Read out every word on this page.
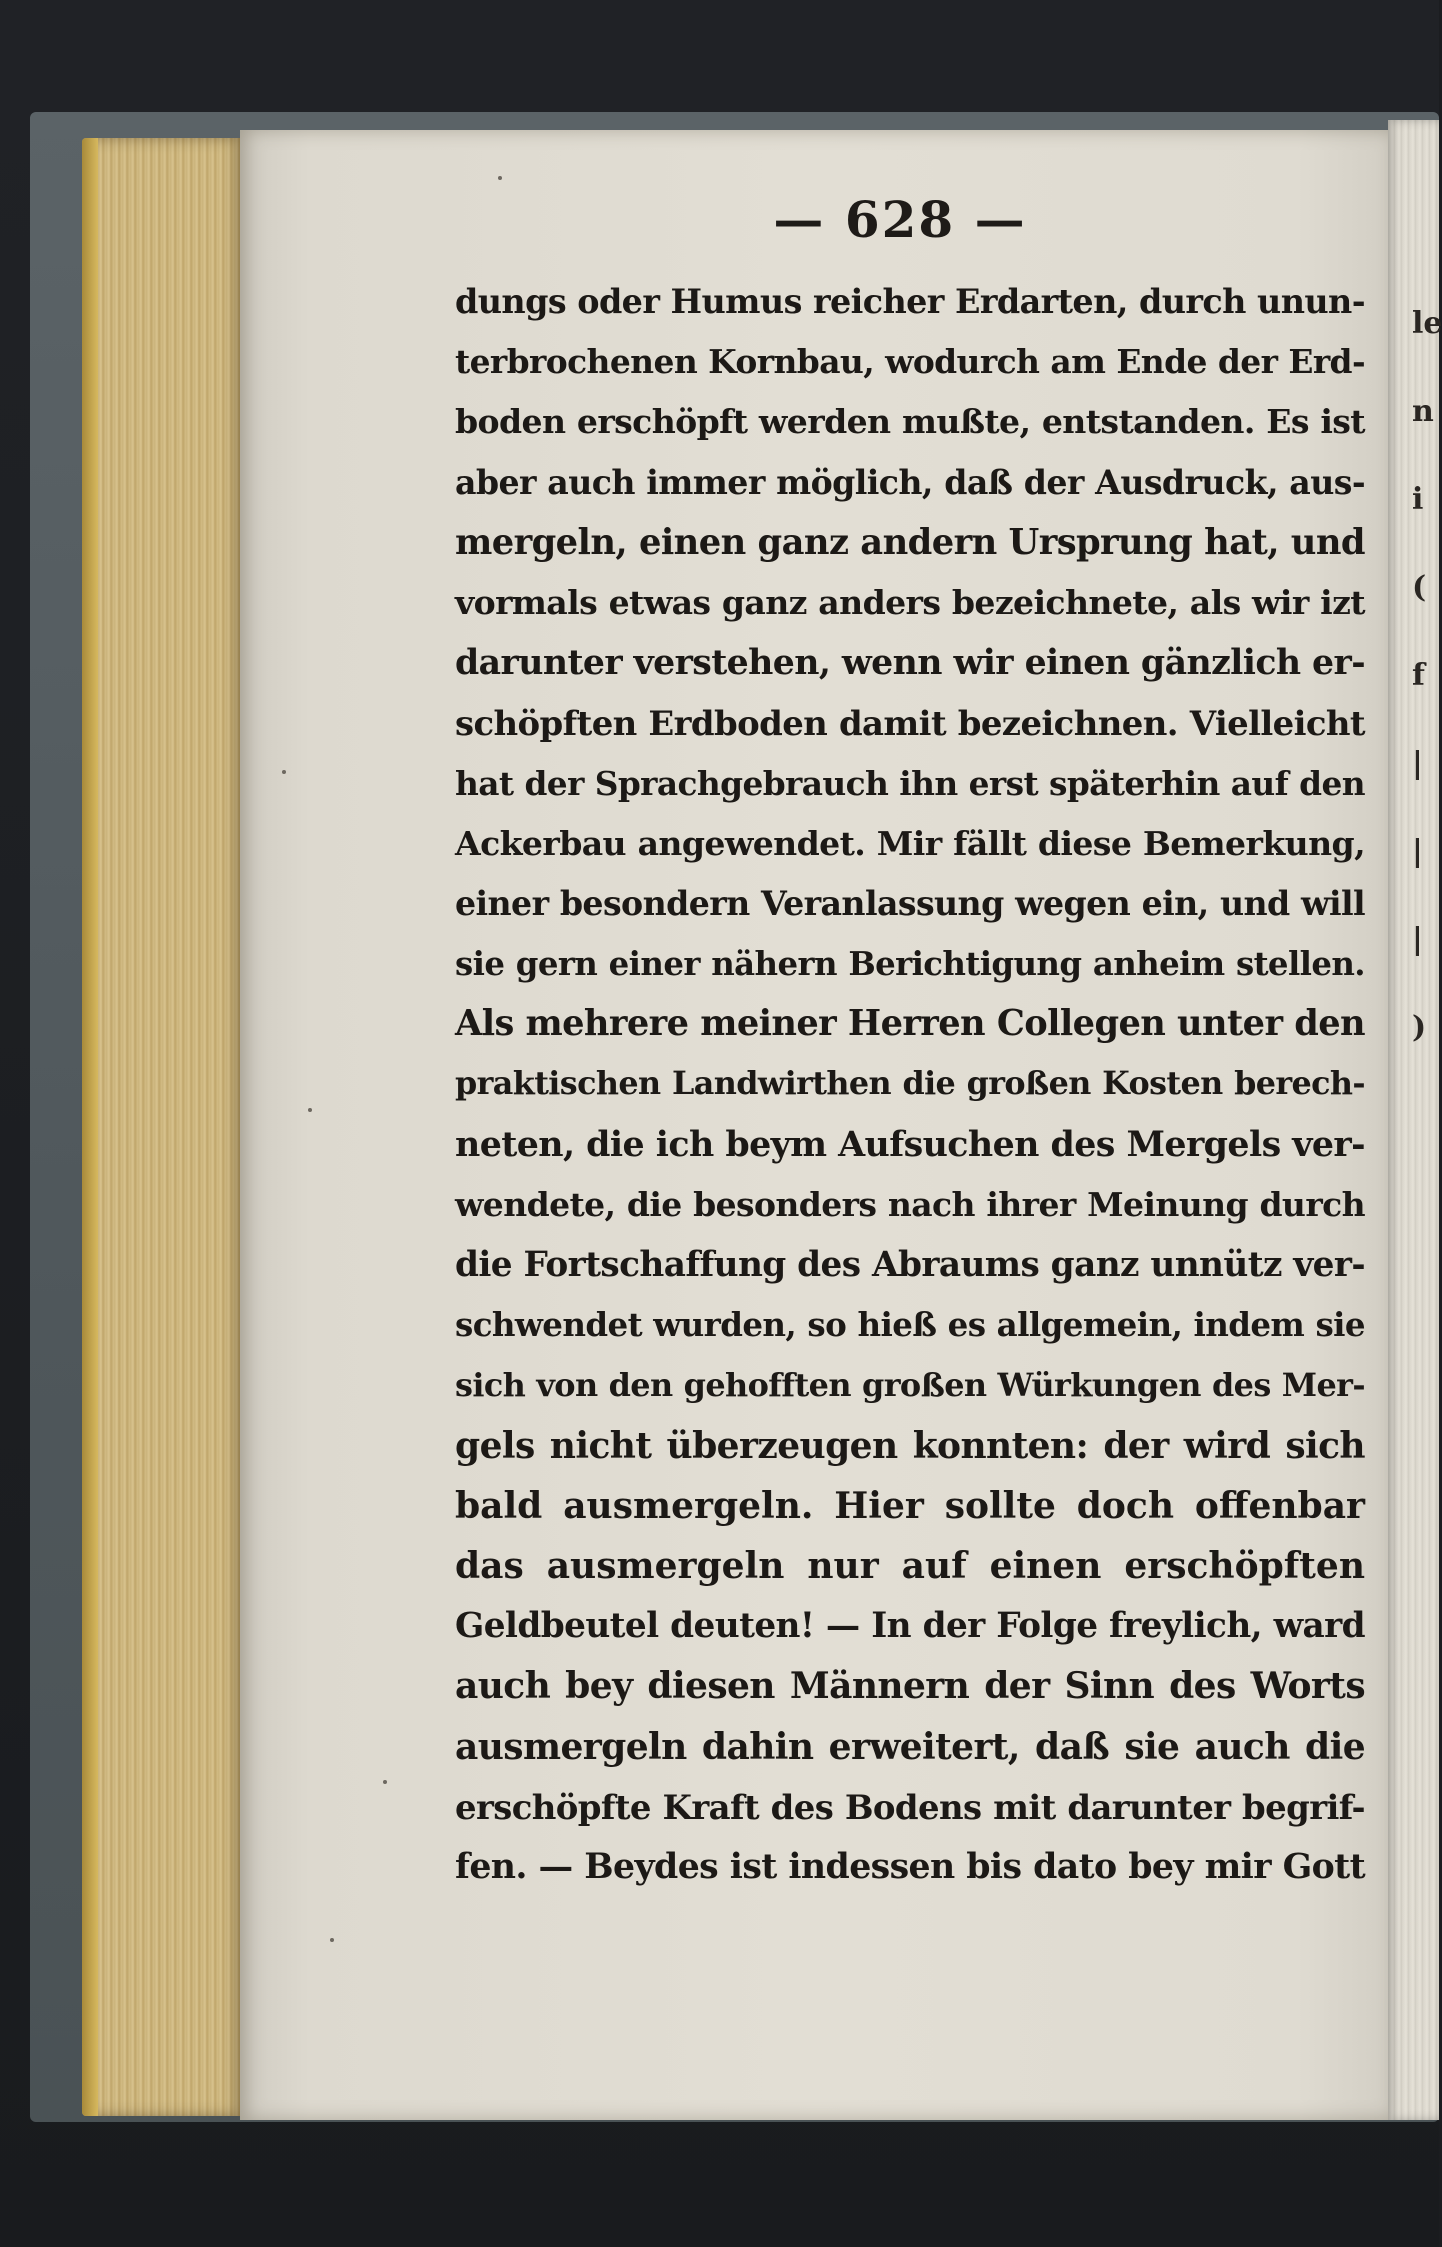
le
n
i
(
f
|
|
|
)
— 628 —
dungs oder Humus reicher Erdarten, durch unun-
terbrochenen Kornbau, wodurch am Ende der Erd-
boden erschöpft werden mußte, entstanden. Es ist
aber auch immer möglich, daß der Ausdruck, aus-
mergeln, einen ganz andern Ursprung hat, und
vormals etwas ganz anders bezeichnete, als wir izt
darunter verstehen, wenn wir einen gänzlich er-
schöpften Erdboden damit bezeichnen. Vielleicht
hat der Sprachgebrauch ihn erst späterhin auf den
Ackerbau angewendet. Mir fällt diese Bemerkung,
einer besondern Veranlassung wegen ein, und will
sie gern einer nähern Berichtigung anheim stellen.
Als mehrere meiner Herren Collegen unter den
praktischen Landwirthen die großen Kosten berech-
neten, die ich beym Aufsuchen des Mergels ver-
wendete, die besonders nach ihrer Meinung durch
die Fortschaffung des Abraums ganz unnütz ver-
schwendet wurden, so hieß es allgemein, indem sie
sich von den gehofften großen Würkungen des Mer-
gels nicht überzeugen konnten: der wird sich
bald ausmergeln. Hier sollte doch offenbar
das ausmergeln nur auf einen erschöpften
Geldbeutel deuten! — In der Folge freylich, ward
auch bey diesen Männern der Sinn des Worts
ausmergeln dahin erweitert, daß sie auch die
erschöpfte Kraft des Bodens mit darunter begrif-
fen. — Beydes ist indessen bis dato bey mir Gott
